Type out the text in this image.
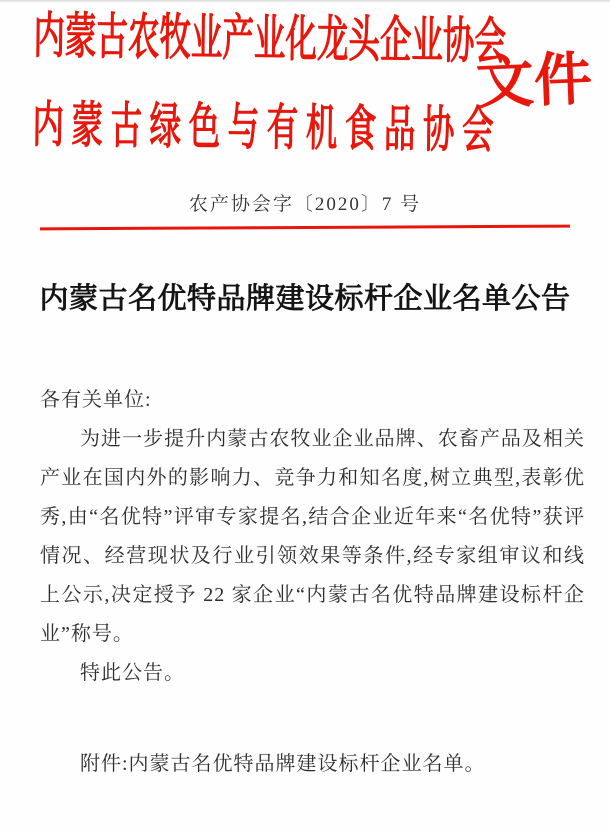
内蒙古农牧业产业化龙头企业协会
内蒙古绿色与有机食品协会
文件
农产协会字〔2020〕7 号
内蒙古名优特品牌建设标杆企业名单公告

各有关单位:

为进一步提升内蒙古农牧业企业品牌、农畜产品及相关产业在国内外的影响力、竞争力和知名度,树立典型,表彰优秀,由“名优特”评审专家提名,结合企业近年来“名优特”获评情况、经营现状及行业引领效果等条件,经专家组审议和线上公示,决定授予 22 家企业“内蒙古名优特品牌建设标杆企业”称号。

特此公告。

附件:内蒙古名优特品牌建设标杆企业名单。
